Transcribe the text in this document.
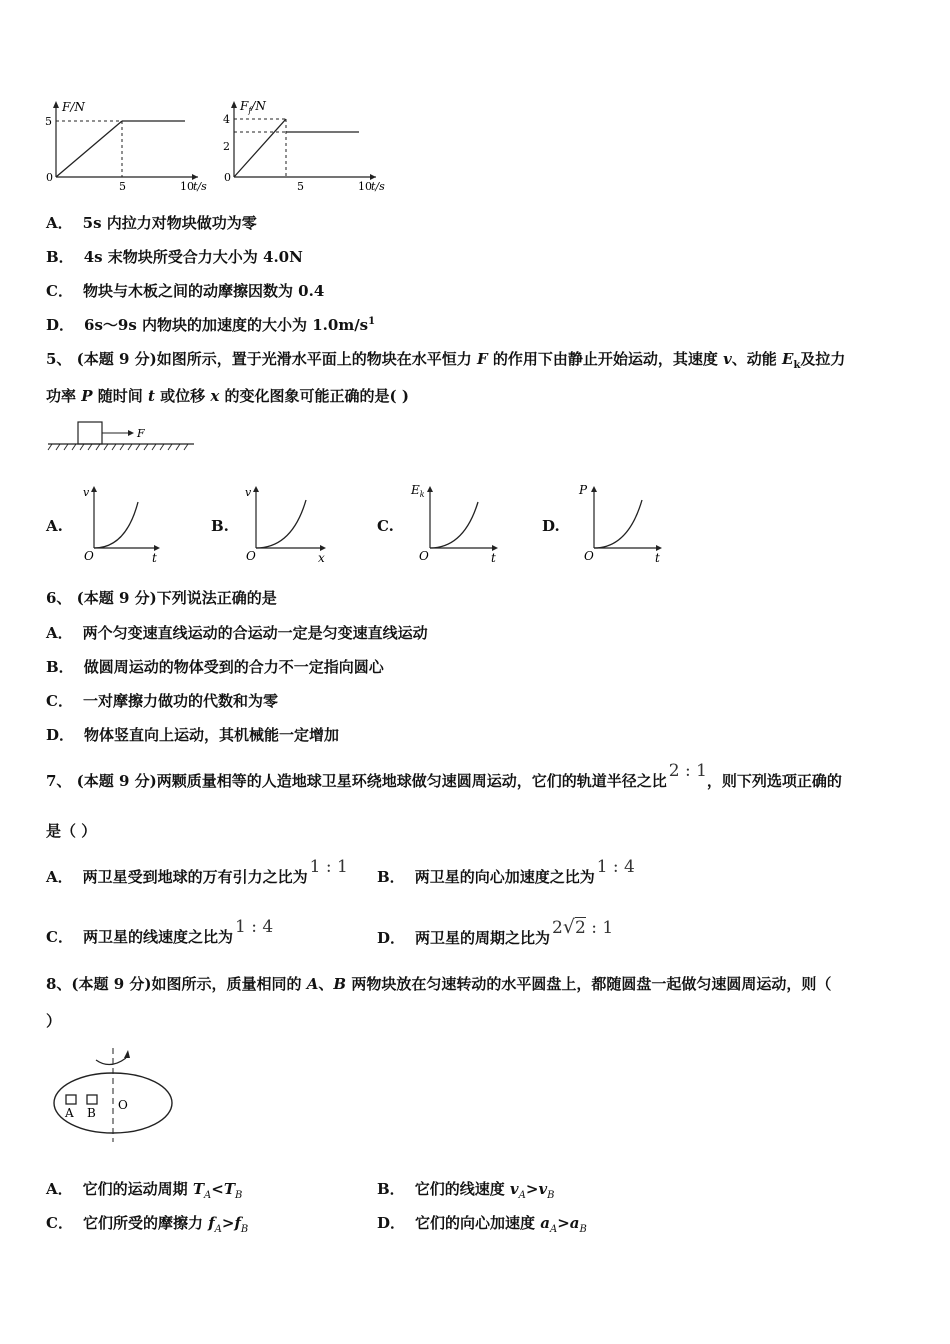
F/N
5
0
5	10 t/s
$F_f/N$
4
2
0
5	10 t/s
A． 5s 内拉力对物块做功为零
B． 4s 末物块所受合力大小为 4.0N
C． 物块与木板之间的动摩擦因数为 0.4
D． 6s～9s 内物块的加速度的大小为 $1.0m/s^1$
5、 (本题 9 分)如图所示，置于光滑水平面上的物块在水平恒力 F 的作用下由静止开始运动，其速度 v、动能 $E_k$及拉力
功率 P 随时间 t 或位移 x 的变化图象可能正确的是( )
F
A.
v
O	t
B.
v
O	x
C.
$E_k$
O	t
D.
P
O	t
6、 (本题 9 分)下列说法正确的是
A． 两个匀变速直线运动的合运动一定是匀变速直线运动
B． 做圆周运动的物体受到的合力不一定指向圆心
C． 一对摩擦力做功的代数和为零
D． 物体竖直向上运动，其机械能一定增加
7、 (本题 9 分)两颗质量相等的人造地球卫星环绕地球做匀速圆周运动，它们的轨道半径之比 2 : 1，则下列选项正确的
是（ ）
A． 两卫星受到地球的万有引力之比为 1 : 1 B． 两卫星的向心加速度之比为 1 : 4
C． 两卫星的线速度之比为 1 : 4
D． 两卫星的周期之比为 2√2 : 1
8、(本题 9 分)如图所示，质量相同的 A、B 两物块放在匀速转动的水平圆盘上，都随圆盘一起做匀速圆周运动，则（
）
A B
O
A． 它们的运动周期 $T_A<T_B$	B． 它们的线速度 $v_A>v_B$
C． 它们所受的摩擦力 $f_A>f_B$	D． 它们的向心加速度 $a_A>a_B$
